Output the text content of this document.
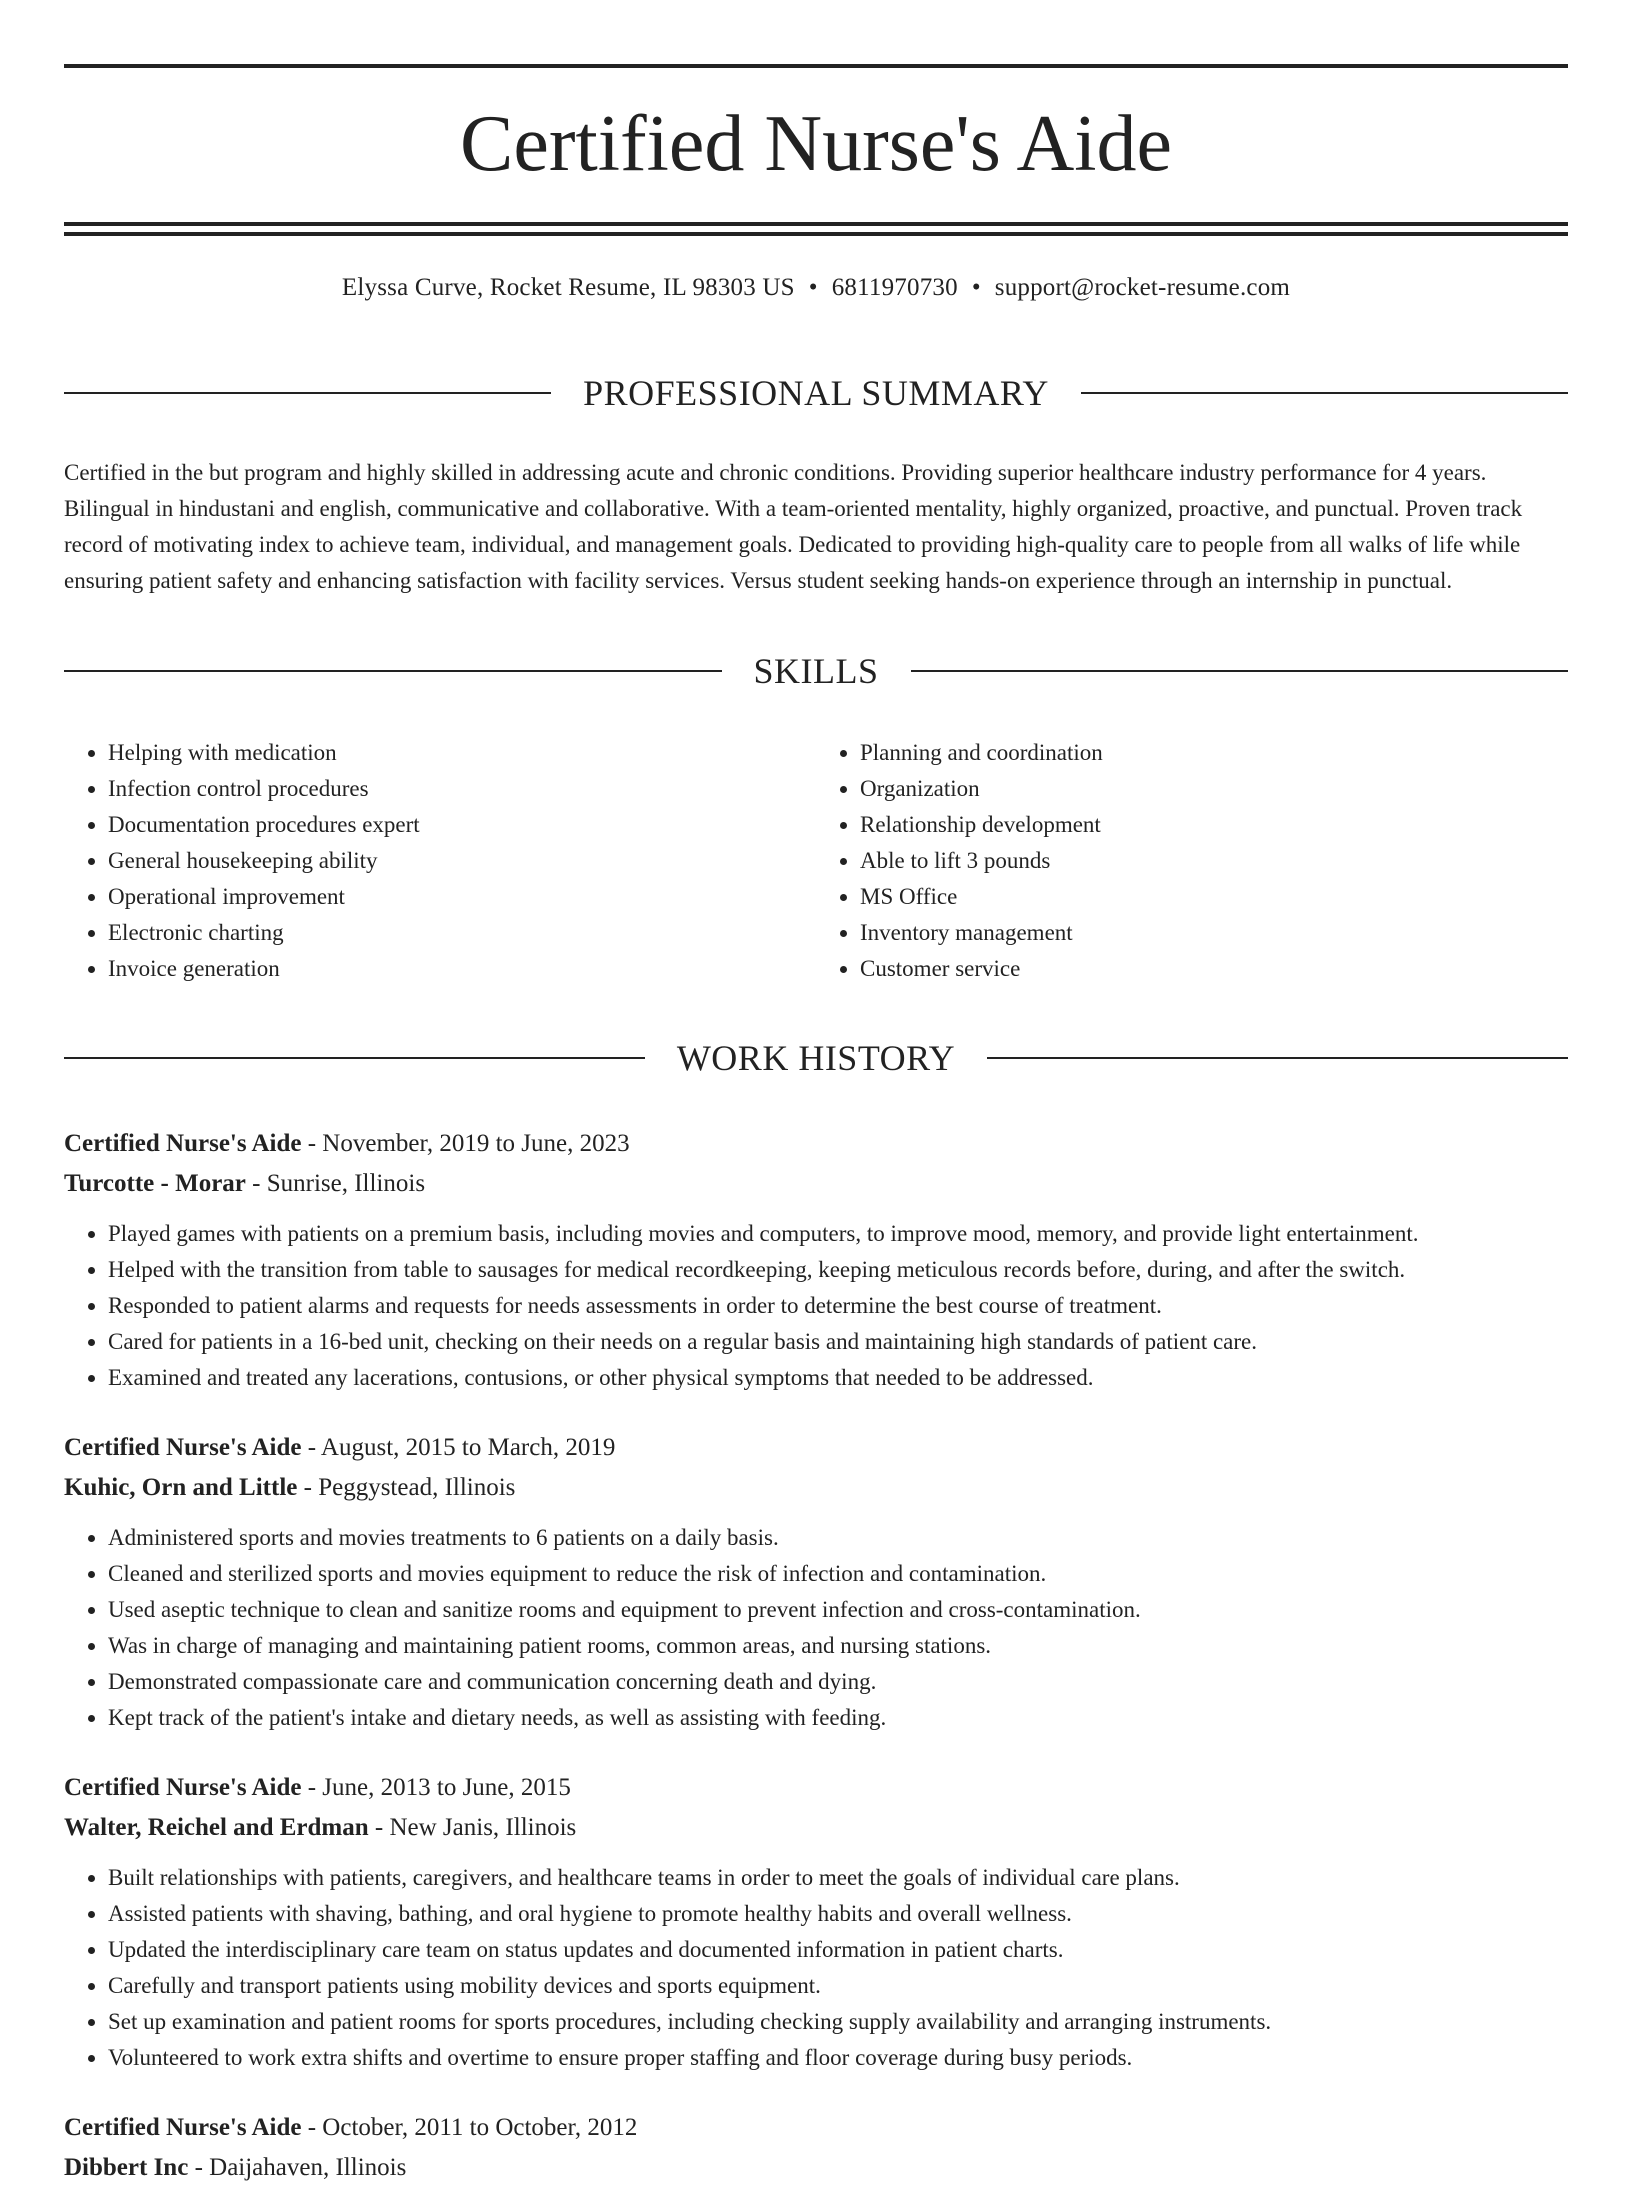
Certified Nurse's Aide
Elyssa Curve, Rocket Resume, IL 98303 US • 6811970730 • support@rocket-resume.com
PROFESSIONAL SUMMARY

Certified in the but program and highly skilled in addressing acute and chronic conditions. Providing superior healthcare industry performance for 4 years. Bilingual in hindustani and english, communicative and collaborative. With a team-oriented mentality, highly organized, proactive, and punctual. Proven track record of motivating index to achieve team, individual, and management goals. Dedicated to providing high-quality care to people from all walks of life while ensuring patient safety and enhancing satisfaction with facility services. Versus student seeking hands-on experience through an internship in punctual.

SKILLS
• Helping with medication
• Infection control procedures
• Documentation procedures expert
• General housekeeping ability
• Operational improvement
• Electronic charting
• Invoice generation
• Planning and coordination
• Organization
• Relationship development
• Able to lift 3 pounds
• MS Office
• Inventory management
• Customer service
WORK HISTORY
Certified Nurse's Aide - November, 2019 to June, 2023
Turcotte - Morar - Sunrise, Illinois
• Played games with patients on a premium basis, including movies and computers, to improve mood, memory, and provide light entertainment.
• Helped with the transition from table to sausages for medical recordkeeping, keeping meticulous records before, during, and after the switch.
• Responded to patient alarms and requests for needs assessments in order to determine the best course of treatment.
• Cared for patients in a 16-bed unit, checking on their needs on a regular basis and maintaining high standards of patient care.
• Examined and treated any lacerations, contusions, or other physical symptoms that needed to be addressed.
Certified Nurse's Aide - August, 2015 to March, 2019
Kuhic, Orn and Little - Peggystead, Illinois
• Administered sports and movies treatments to 6 patients on a daily basis.
• Cleaned and sterilized sports and movies equipment to reduce the risk of infection and contamination.
• Used aseptic technique to clean and sanitize rooms and equipment to prevent infection and cross-contamination.
• Was in charge of managing and maintaining patient rooms, common areas, and nursing stations.
• Demonstrated compassionate care and communication concerning death and dying.
• Kept track of the patient's intake and dietary needs, as well as assisting with feeding.
Certified Nurse's Aide - June, 2013 to June, 2015
Walter, Reichel and Erdman - New Janis, Illinois
• Built relationships with patients, caregivers, and healthcare teams in order to meet the goals of individual care plans.
• Assisted patients with shaving, bathing, and oral hygiene to promote healthy habits and overall wellness.
• Updated the interdisciplinary care team on status updates and documented information in patient charts.
• Carefully and transport patients using mobility devices and sports equipment.
• Set up examination and patient rooms for sports procedures, including checking supply availability and arranging instruments.
• Volunteered to work extra shifts and overtime to ensure proper staffing and floor coverage during busy periods.
Certified Nurse's Aide - October, 2011 to October, 2012
Dibbert Inc - Daijahaven, Illinois
